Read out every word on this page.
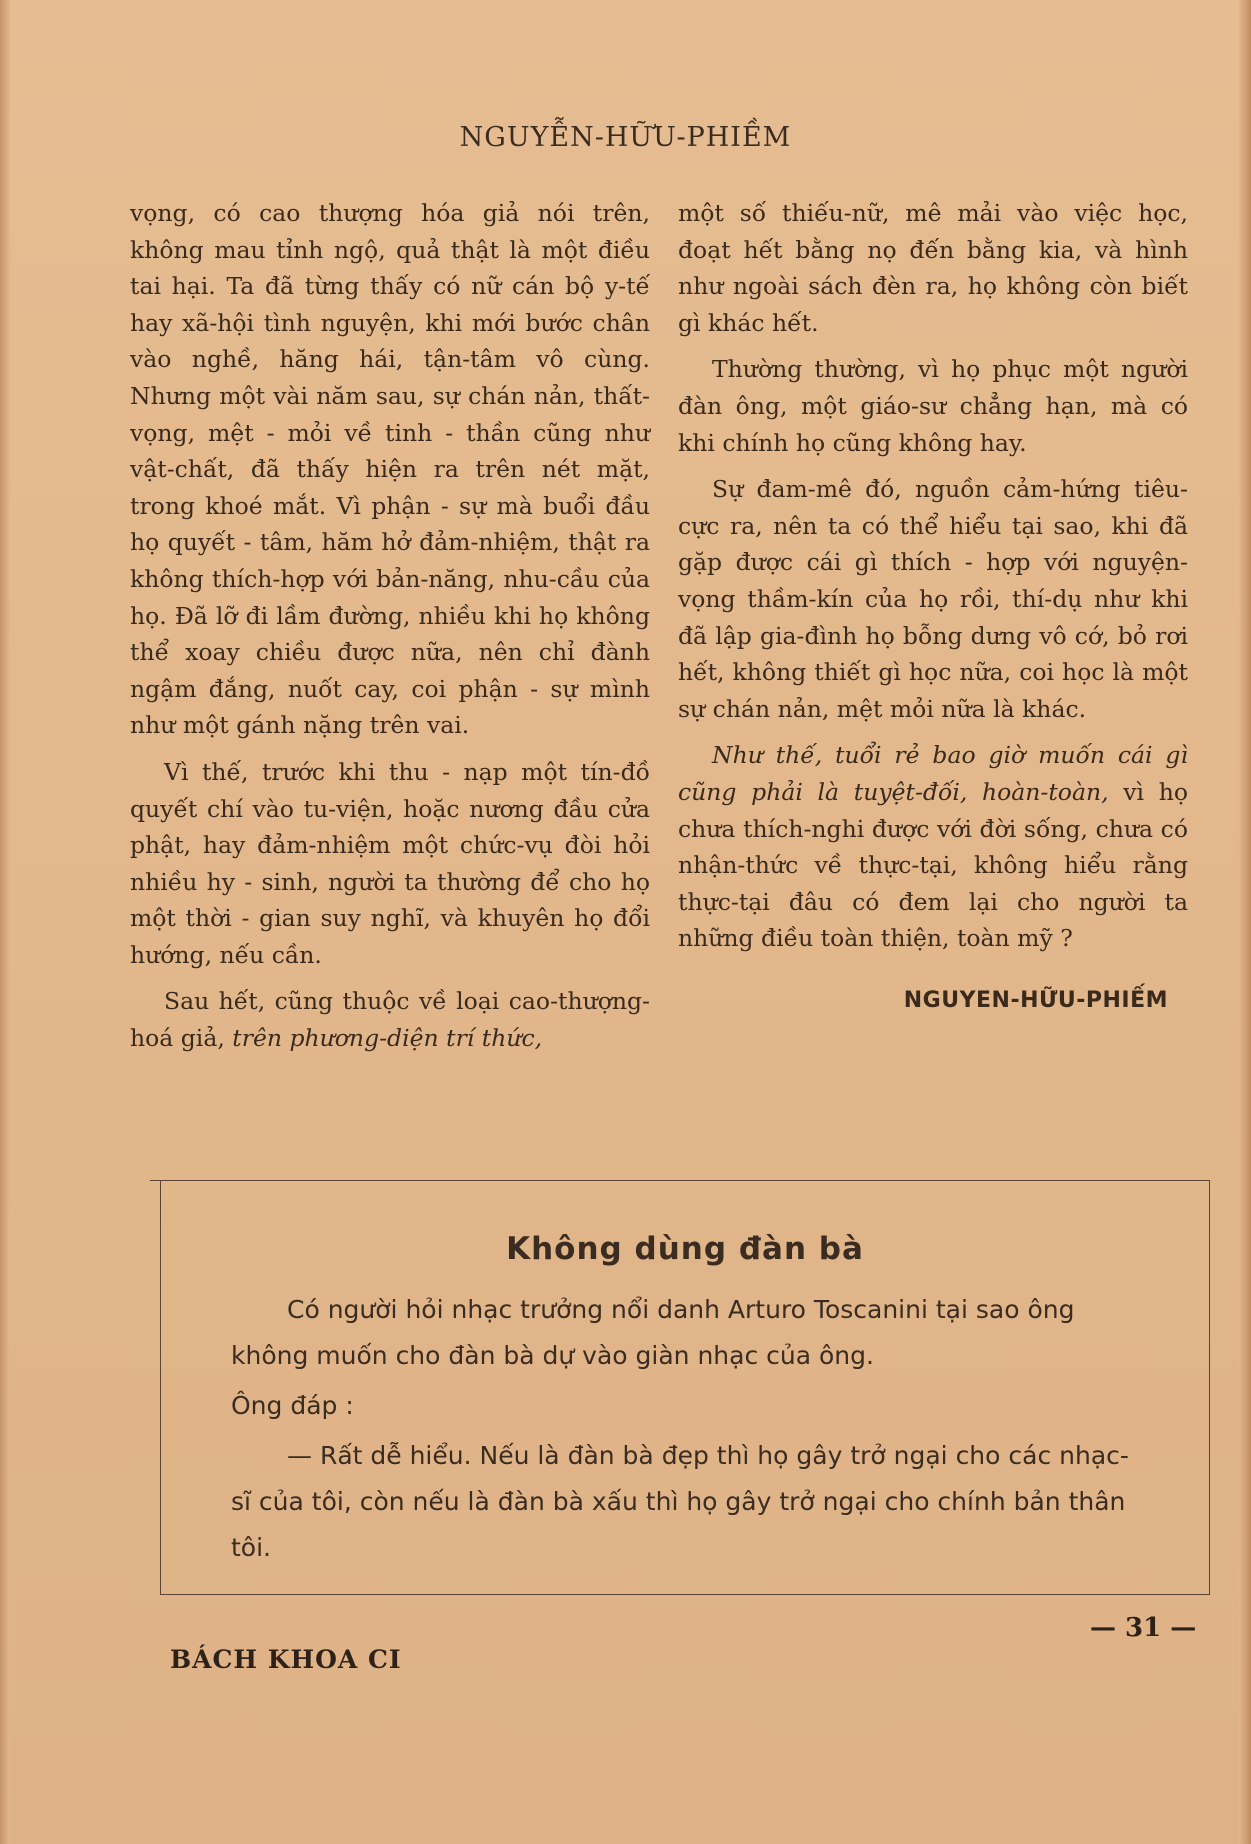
NGUYỄN-HỮU-PHIỀM

vọng, có cao thượng hóa giả nói trên, không mau tỉnh ngộ, quả thật là một điều tai hại. Ta đã từng thấy có nữ cán bộ y-tế hay xã-hội tình nguyện, khi mới bước chân vào nghề, hăng hái, tận-tâm vô cùng. Nhưng một vài năm sau, sự chán nản, thất-vọng, mệt - mỏi về tinh - thần cũng như vật-chất, đã thấy hiện ra trên nét mặt, trong khoé mắt. Vì phận - sự mà buổi đầu họ quyết - tâm, hăm hở đảm-nhiệm, thật ra không thích-hợp với bản-năng, nhu-cầu của họ. Đã lỡ đi lầm đường, nhiều khi họ không thể xoay chiều được nữa, nên chỉ đành ngậm đắng, nuốt cay, coi phận - sự mình như một gánh nặng trên vai.

Vì thế, trước khi thu - nạp một tín-đồ quyết chí vào tu-viện, hoặc nương đầu cửa phật, hay đảm-nhiệm một chức-vụ đòi hỏi nhiều hy - sinh, người ta thường để cho họ một thời - gian suy nghĩ, và khuyên họ đổi hướng, nếu cần.

Sau hết, cũng thuộc về loại cao-thượng-hoá giả, trên phương-diện trí thức,

một số thiếu-nữ, mê mải vào việc học, đoạt hết bằng nọ đến bằng kia, và hình như ngoài sách đèn ra, họ không còn biết gì khác hết.

Thường thường, vì họ phục một người đàn ông, một giáo-sư chẳng hạn, mà có khi chính họ cũng không hay.

Sự đam-mê đó, nguồn cảm-hứng tiêu-cực ra, nên ta có thể hiểu tại sao, khi đã gặp được cái gì thích - hợp với nguyện-vọng thầm-kín của họ rồi, thí-dụ như khi đã lập gia-đình họ bỗng dưng vô cớ, bỏ rơi hết, không thiết gì học nữa, coi học là một sự chán nản, mệt mỏi nữa là khác.

Như thế, tuổi rẻ bao giờ muốn cái gì cũng phải là tuyệt-đối, hoàn-toàn, vì họ chưa thích-nghi được với đời sống, chưa có nhận-thức về thực-tại, không hiểu rằng thực-tại đâu có đem lại cho người ta những điều toàn thiện, toàn mỹ ?

NGUYEN-HỮU-PHIẾM
Không dùng đàn bà

Có người hỏi nhạc trưởng nổi danh Arturo Toscanini tại sao ông không muốn cho đàn bà dự vào giàn nhạc của ông.

Ông đáp :

— Rất dễ hiểu. Nếu là đàn bà đẹp thì họ gây trở ngại cho các nhạc-sĩ của tôi, còn nếu là đàn bà xấu thì họ gây trở ngại cho chính bản thân tôi.

BÁCH KHOA CI
— 31 —
